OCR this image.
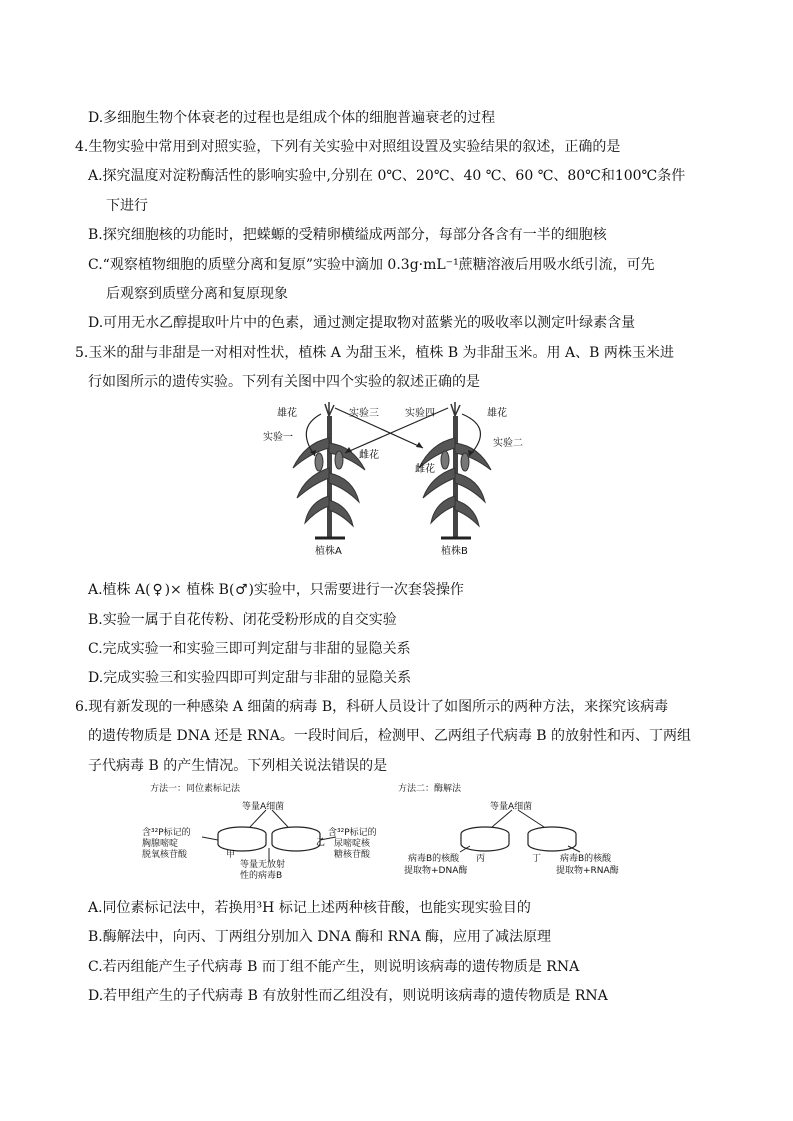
D.多细胞生物个体衰老的过程也是组成个体的细胞普遍衰老的过程
4.生物实验中常用到对照实验，下列有关实验中对照组设置及实验结果的叙述，正确的是
A.探究温度对淀粉酶活性的影响实验中,分别在 0℃、20℃、40 ℃、60 ℃、80℃和100℃条件
下进行
B.探究细胞核的功能时，把蝾螈的受精卵横缢成两部分，每部分各含有一半的细胞核
C.“观察植物细胞的质壁分离和复原”实验中滴加 0.3g·mL⁻¹蔗糖溶液后用吸水纸引流，可先
后观察到质壁分离和复原现象
D.可用无水乙醇提取叶片中的色素，通过测定提取物对蓝紫光的吸收率以测定叶绿素含量
5.玉米的甜与非甜是一对相对性状，植株 A 为甜玉米，植株 B 为非甜玉米。用 A、B 两株玉米进
行如图所示的遗传实验。下列有关图中四个实验的叙述正确的是
雄花	实验三	实验四	雄花
实验一
实验二
雌花
雌花
植株A	植株B
A.植株 A( ♀ )× 植株 B(♂)实验中，只需要进行一次套袋操作
B.实验一属于自花传粉、闭花受粉形成的自交实验
C.完成实验一和实验三即可判定甜与非甜的显隐关系
D.完成实验三和实验四即可判定甜与非甜的显隐关系
6.现有新发现的一种感染 A 细菌的病毒 B，科研人员设计了如图所示的两种方法，来探究该病毒
的遗传物质是 DNA 还是 RNA。一段时间后，检测甲、乙两组子代病毒 B 的放射性和丙、丁两组
子代病毒 B 的产生情况。下列相关说法错误的是
方法一：同位素标记法	方法二：酶解法
等量A细菌	等量A细菌
含³²P标记的
胸腺嘧啶
脱氧核苷酸	甲
乙
含³²P标记的
尿嘧啶核
糖核苷酸
等量无放射
性的病毒B
病毒B的核酸
提取物+DNA酶
丙	丁 病毒B的核酸
提取物+RNA酶
A.同位素标记法中，若换用³H 标记上述两种核苷酸，也能实现实验目的
B.酶解法中，向丙、丁两组分别加入 DNA 酶和 RNA 酶，应用了减法原理
C.若丙组能产生子代病毒 B 而丁组不能产生，则说明该病毒的遗传物质是 RNA
D.若甲组产生的子代病毒 B 有放射性而乙组没有，则说明该病毒的遗传物质是 RNA
